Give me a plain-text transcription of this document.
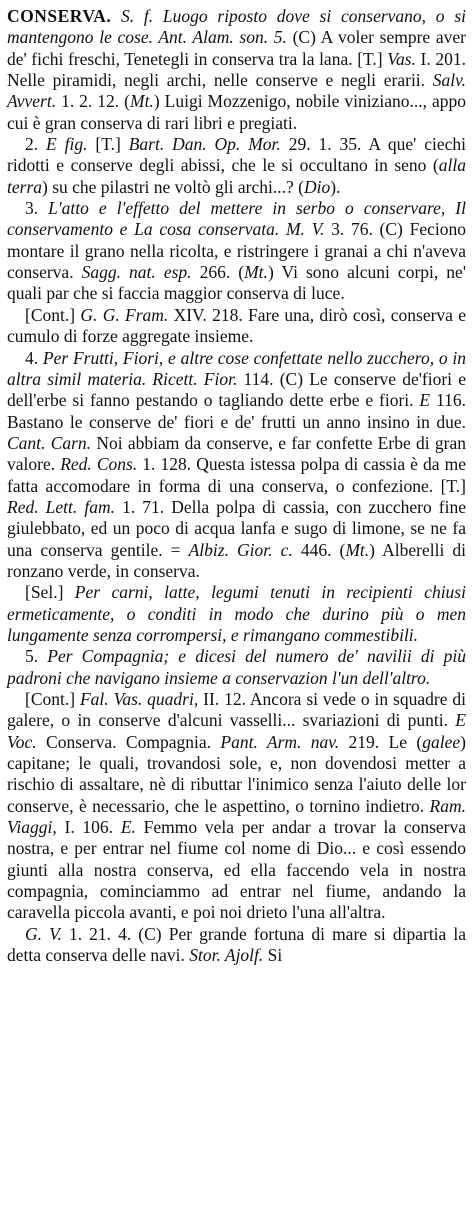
CONSERVA. S. f. Luogo riposto dove si conservano, o si mantengono le cose. Ant. Alam. son. 5. (C) A voler sempre aver de' fichi freschi, Tenetegli in conserva tra la lana. [T.] Vas. I. 201. Nelle piramidi, negli archi, nelle conserve e negli erarii. Salv. Avvert. 1. 2. 12. (Mt.) Luigi Mozzenigo, nobile viniziano..., appo cui è gran conserva di rari libri e pregiati.

2. E fig. [T.] Bart. Dan. Op. Mor. 29. 1. 35. A que' ciechi ridotti e conserve degli abissi, che le si occultano in seno (alla terra) su che pilastri ne voltò gli archi...? (Dio).

3. L'atto e l'effetto del mettere in serbo o conservare, Il conservamento e La cosa conservata. M. V. 3. 76. (C) Feciono montare il grano nella ricolta, e ristringere i granai a chi n'aveva conserva. Sagg. nat. esp. 266. (Mt.) Vi sono alcuni corpi, ne' quali par che si faccia maggior conserva di luce.

[Cont.] G. G. Fram. XIV. 218. Fare una, dirò così, conserva e cumulo di forze aggregate insieme.

4. Per Frutti, Fiori, e altre cose confettate nello zucchero, o in altra simil materia. Ricett. Fior. 114. (C) Le conserve de'fiori e dell'erbe si fanno pestando o tagliando dette erbe e fiori. E 116. Bastano le conserve de' fiori e de' frutti un anno insino in due. Cant. Carn. Noi abbiam da conserve, e far confette Erbe di gran valore. Red. Cons. 1. 128. Questa istessa polpa di cassia è da me fatta accomodare in forma di una conserva, o confezione. [T.] Red. Lett. fam. 1. 71. Della polpa di cassia, con zucchero fine giulebbato, ed un poco di acqua lanfa e sugo di limone, se ne fa una conserva gentile. = Albiz. Gior. c. 446. (Mt.) Alberelli di ronzano verde, in conserva.

[Sel.] Per carni, latte, legumi tenuti in recipienti chiusi ermeticamente, o conditi in modo che durino più o men lungamente senza corrompersi, e rimangano commestibili.

5. Per Compagnia; e dicesi del numero de' navilii di più padroni che navigano insieme a conservazion l'un dell'altro.

[Cont.] Fal. Vas. quadri, II. 12. Ancora si vede o in squadre di galere, o in conserve d'alcuni vasselli... svariazioni di punti. E Voc. Conserva. Compagnia. Pant. Arm. nav. 219. Le (galee) capitane; le quali, trovandosi sole, e, non dovendosi metter a rischio di assaltare, nè di ributtar l'inimico senza l'aiuto delle lor conserve, è necessario, che le aspettino, o tornino indietro. Ram. Viaggi, I. 106. E. Femmo vela per andar a trovar la conserva nostra, e per entrar nel fiume col nome di Dio... e così essendo giunti alla nostra conserva, ed ella faccendo vela in nostra compagnia, cominciammo ad entrar nel fiume, andando la caravella piccola avanti, e poi noi drieto l'una all'altra.

G. V. 1. 21. 4. (C) Per grande fortuna di mare si dipartia la detta conserva delle navi. Stor. Ajolf. Si
